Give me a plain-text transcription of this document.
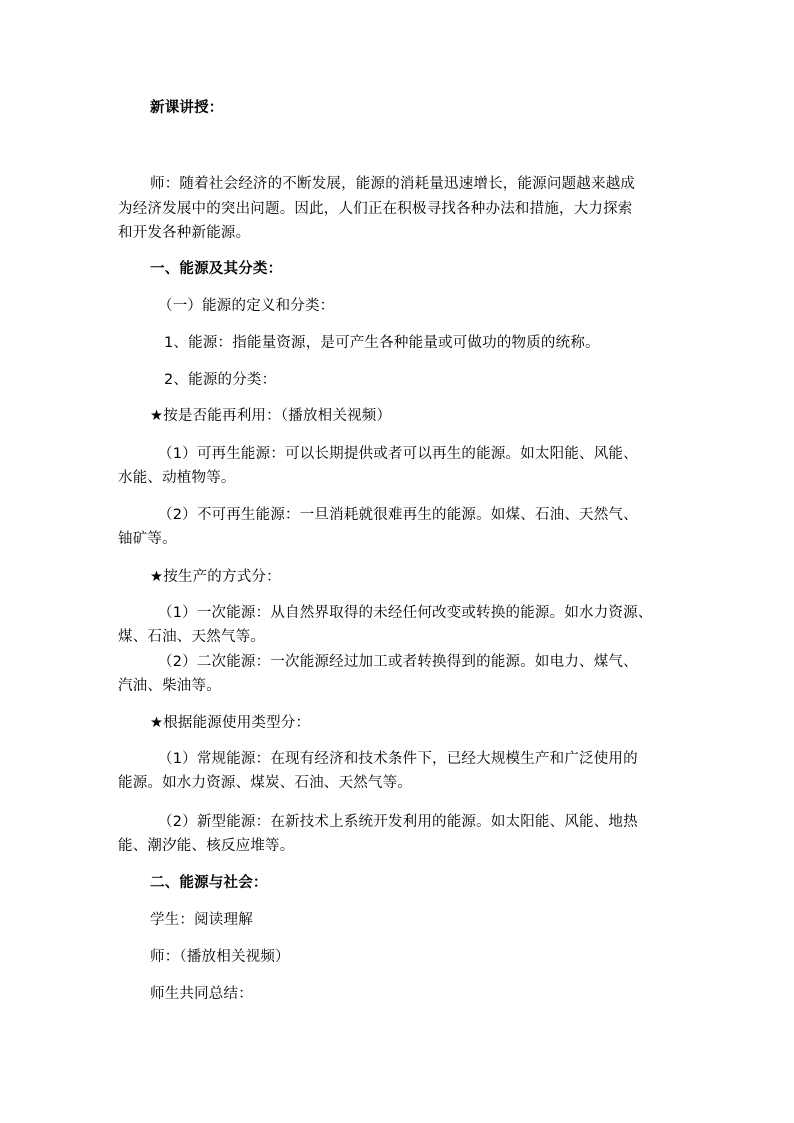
新课讲授：
师：随着社会经济的不断发展，能源的消耗量迅速增长，能源问题越来越成
为经济发展中的突出问题。因此，人们正在积极寻找各种办法和措施，大力探索
和开发各种新能源。
一、能源及其分类：
（一）能源的定义和分类：
1、能源：指能量资源，是可产生各种能量或可做功的物质的统称。
2、能源的分类：
★按是否能再利用：（播放相关视频）
（1）可再生能源：可以长期提供或者可以再生的能源。如太阳能、风能、
水能、动植物等。
（2）不可再生能源：一旦消耗就很难再生的能源。如煤、石油、天然气、
铀矿等。
★按生产的方式分：
（1）一次能源：从自然界取得的未经任何改变或转换的能源。如水力资源、
煤、石油、天然气等。
（2）二次能源：一次能源经过加工或者转换得到的能源。如电力、煤气、
汽油、柴油等。
★根据能源使用类型分：
（1）常规能源：在现有经济和技术条件下，已经大规模生产和广泛使用的
能源。如水力资源、煤炭、石油、天然气等。
（2）新型能源：在新技术上系统开发利用的能源。如太阳能、风能、地热
能、潮汐能、核反应堆等。
二、能源与社会：
学生：阅读理解
师：（播放相关视频）
师生共同总结：
